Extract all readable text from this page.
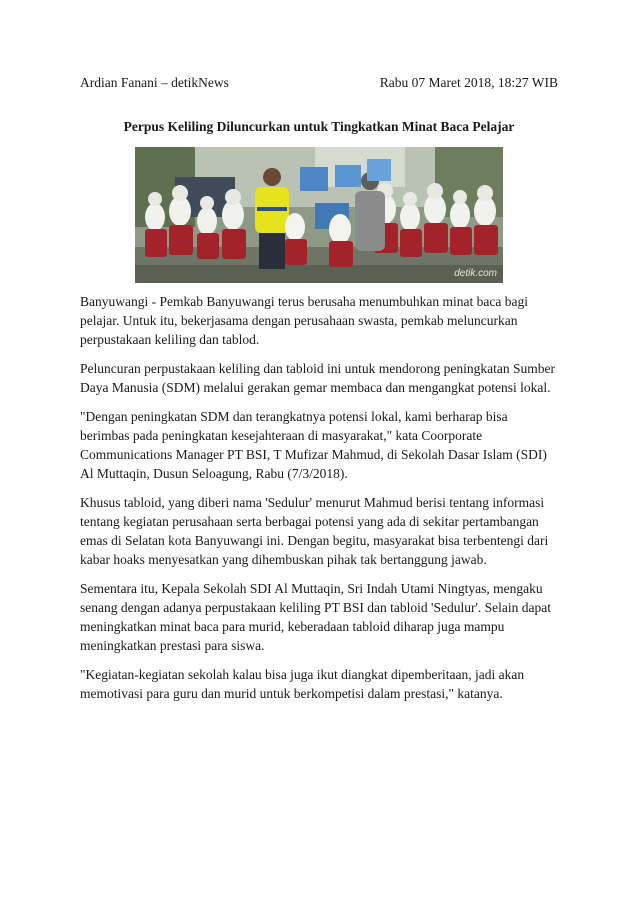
Ardian Fanani – detikNews	Rabu 07 Maret 2018, 18:27 WIB
Perpus Keliling Diluncurkan untuk Tingkatkan Minat Baca Pelajar
detik.com

Banyuwangi - Pemkab Banyuwangi terus berusaha menumbuhkan minat baca bagi pelajar. Untuk itu, bekerjasama dengan perusahaan swasta, pemkab meluncurkan perpustakaan keliling dan tablod.

Peluncuran perpustakaan keliling dan tabloid ini untuk mendorong peningkatan Sumber Daya Manusia (SDM) melalui gerakan gemar membaca dan mengangkat potensi lokal.

"Dengan peningkatan SDM dan terangkatnya potensi lokal, kami berharap bisa berimbas pada peningkatan kesejahteraan di masyarakat," kata Coorporate Communications Manager PT BSI, T Mufizar Mahmud, di Sekolah Dasar Islam (SDI) Al Muttaqin, Dusun Seloagung, Rabu (7/3/2018).

Khusus tabloid, yang diberi nama 'Sedulur' menurut Mahmud berisi tentang informasi tentang kegiatan perusahaan serta berbagai potensi yang ada di sekitar pertambangan emas di Selatan kota Banyuwangi ini. Dengan begitu, masyarakat bisa terbentengi dari kabar hoaks menyesatkan yang dihembuskan pihak tak bertanggung jawab.

Sementara itu, Kepala Sekolah SDI Al Muttaqin, Sri Indah Utami Ningtyas, mengaku senang dengan adanya perpustakaan keliling PT BSI dan tabloid 'Sedulur'. Selain dapat meningkatkan minat baca para murid, keberadaan tabloid diharap juga mampu meningkatkan prestasi para siswa.

"Kegiatan-kegiatan sekolah kalau bisa juga ikut diangkat dipemberitaan, jadi akan memotivasi para guru dan murid untuk berkompetisi dalam prestasi," katanya.
